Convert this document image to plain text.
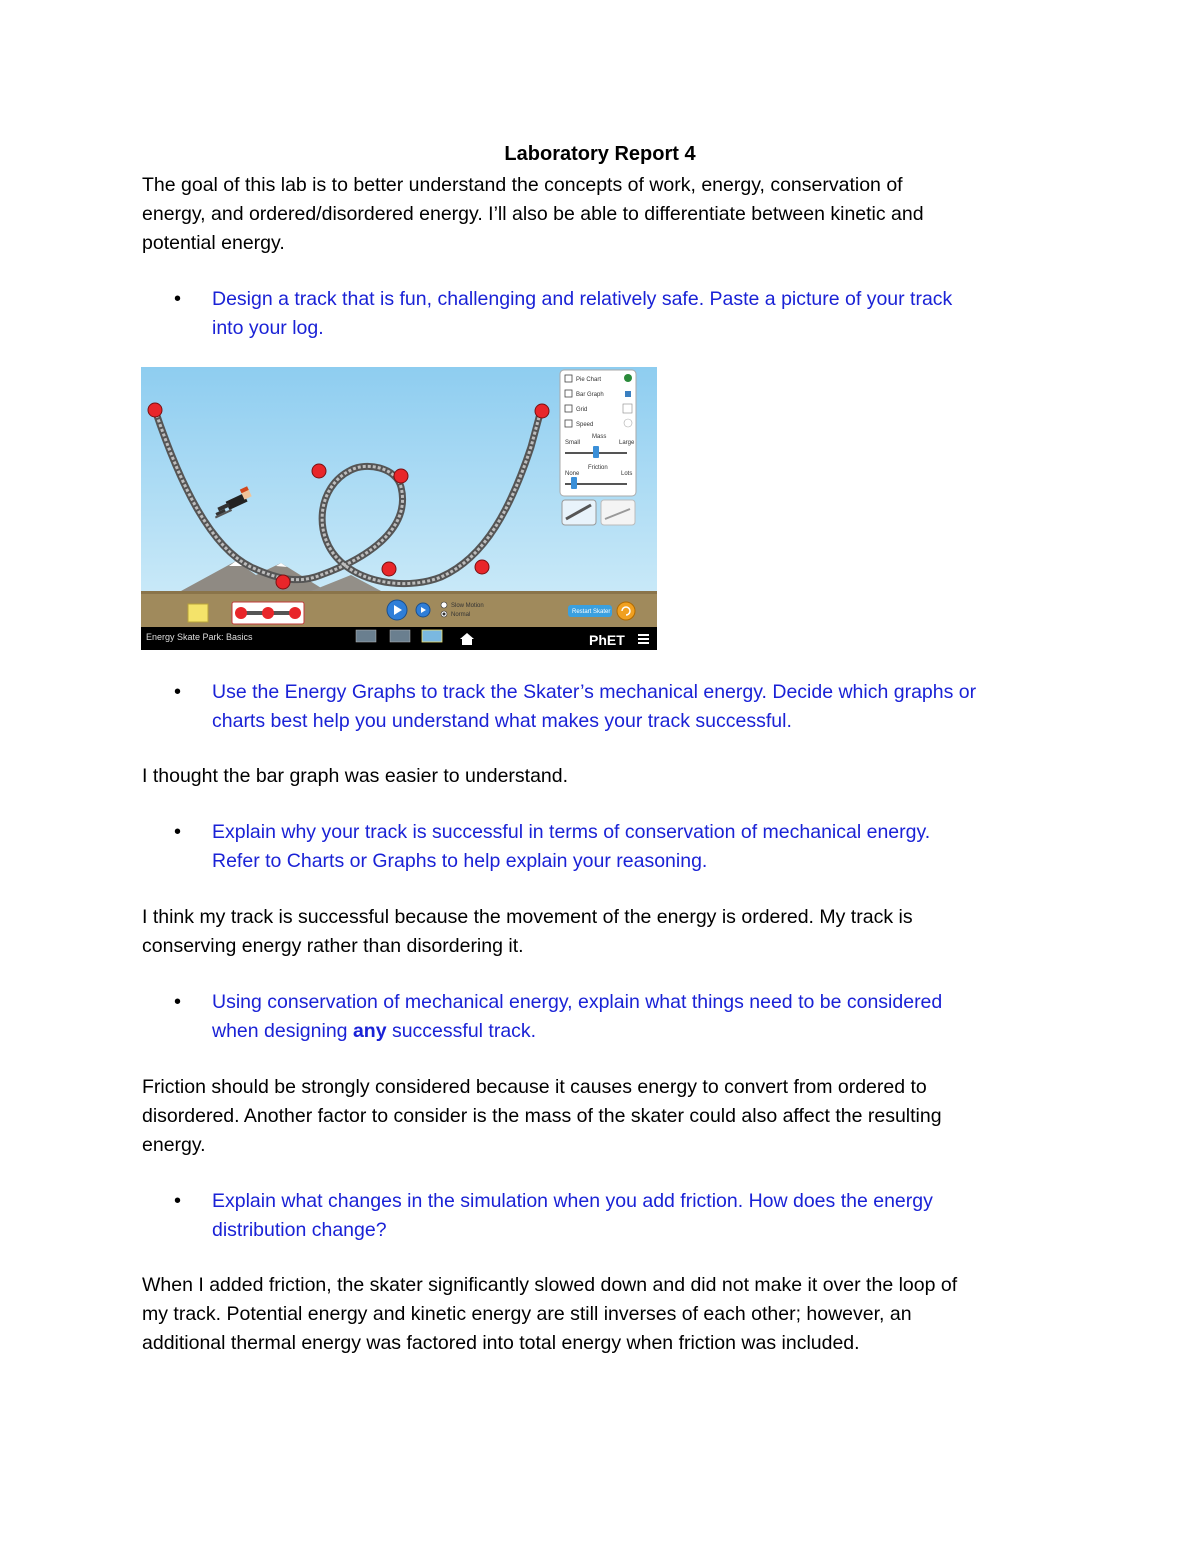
Laboratory Report 4
The goal of this lab is to better understand the concepts of work, energy, conservation of
energy, and ordered/disordered energy. I’ll also be able to differentiate between kinetic and
potential energy.
• Design a track that is fun, challenging and relatively safe. Paste a picture of your track
into your log.
Pie Chart
Bar Graph
Grid
Speed
Mass
Small	Large
Friction
None	Lots
Slow Motion
Normal	Restart Skater
Energy Skate Park: Basics	PhET
• Use the Energy Graphs to track the Skater’s mechanical energy. Decide which graphs or
charts best help you understand what makes your track successful.
I thought the bar graph was easier to understand.
• Explain why your track is successful in terms of conservation of mechanical energy.
Refer to Charts or Graphs to help explain your reasoning.
I think my track is successful because the movement of the energy is ordered. My track is
conserving energy rather than disordering it.
• Using conservation of mechanical energy, explain what things need to be considered
when designing any successful track.
Friction should be strongly considered because it causes energy to convert from ordered to
disordered. Another factor to consider is the mass of the skater could also affect the resulting
energy.
• Explain what changes in the simulation when you add friction. How does the energy
distribution change?
When I added friction, the skater significantly slowed down and did not make it over the loop of
my track. Potential energy and kinetic energy are still inverses of each other; however, an
additional thermal energy was factored into total energy when friction was included.
